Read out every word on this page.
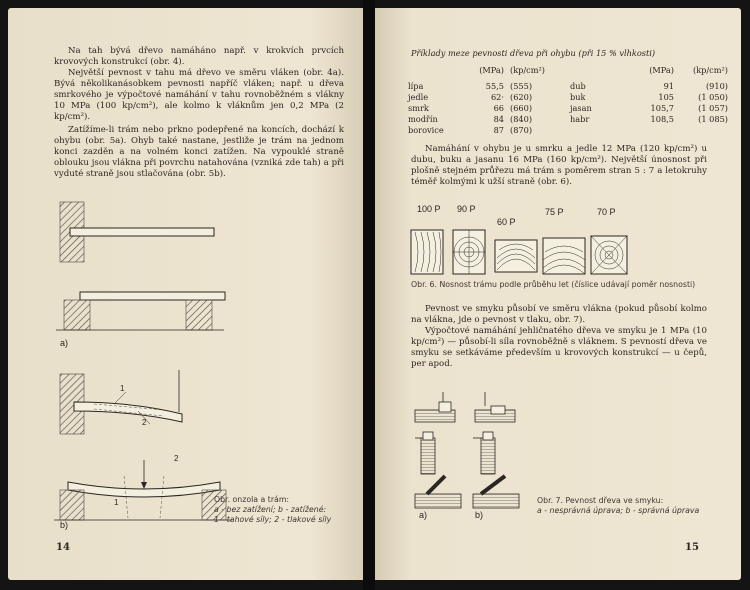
Na tah bývá dřevo namáháno např. v krokvích prvcích krovových konstrukcí (obr. 4).

Největší pevnost v tahu má dřevo ve směru vláken (obr. 4a). Bývá několikanásobkem pevnosti napříč vláken; např. u dřeva smrkového je výpočtové namáhání v tahu rovnoběžném s vlákny 10 MPa (100 kp/cm²), ale kolmo k vláknům jen 0,2 MPa (2 kp/cm²).

Zatížíme-li trám nebo prkno podepřené na koncích, dochází k ohybu (obr. 5a). Ohyb také nastane, jestliže je trám na jednom konci zazděn a na volném konci zatížen. Na vypouklé straně oblouku jsou vlákna při povrchu natahována (vzniká zde tah) a při vyduté straně jsou stlačována (obr. 5b).

a)
1
2
2
1
b)
Obr. onzola a trám:
a - bez zatížení; b - zatížené:
1 - tahové síly; 2 - tlakové síly
14
Příklady meze pevnosti dřeva při ohybu (při 15 % vlhkosti)
	(MPa)	(kp/cm²)		(MPa)	(kp/cm²)

lípa	55,5	(555)	dub	91	(910)
jedle	62·	(620)	buk	105	(1 050)
smrk	66	(660)	jasan	105,7	(1 057)
modřín	84	(840)	habr	108,5	(1 085)
borovice	87	(870)			
Namáhání v ohybu je u smrku a jedle 12 MPa (120 kp/cm²) u dubu, buku a jasanu 16 MPa (160 kp/cm²). Největší únosnost při plošně stejném průřezu má trám s poměrem stran 5 : 7 a letokruhy téměř kolmými k užší straně (obr. 6).
100 P 90 P
60 P
75 P	70 P
Obr. 6. Nosnost trámu podle průběhu let (číslice udávají poměr nosnosti)
Pevnost ve smyku působí ve směru vlákna (pokud působí kolmo na vlákna, jde o pevnost v tlaku, obr. 7).
Výpočtové namáhání jehličnatého dřeva ve smyku je 1 MPa (10 kp/cm²) — působí-li síla rovnoběžně s vláknem. S pevností dřeva ve smyku se setkáváme především u krovových konstrukcí — u čepů, per apod.
a)	b)
Obr. 7. Pevnost dřeva ve smyku:
a - nesprávná úprava; b - správná úprava
15
